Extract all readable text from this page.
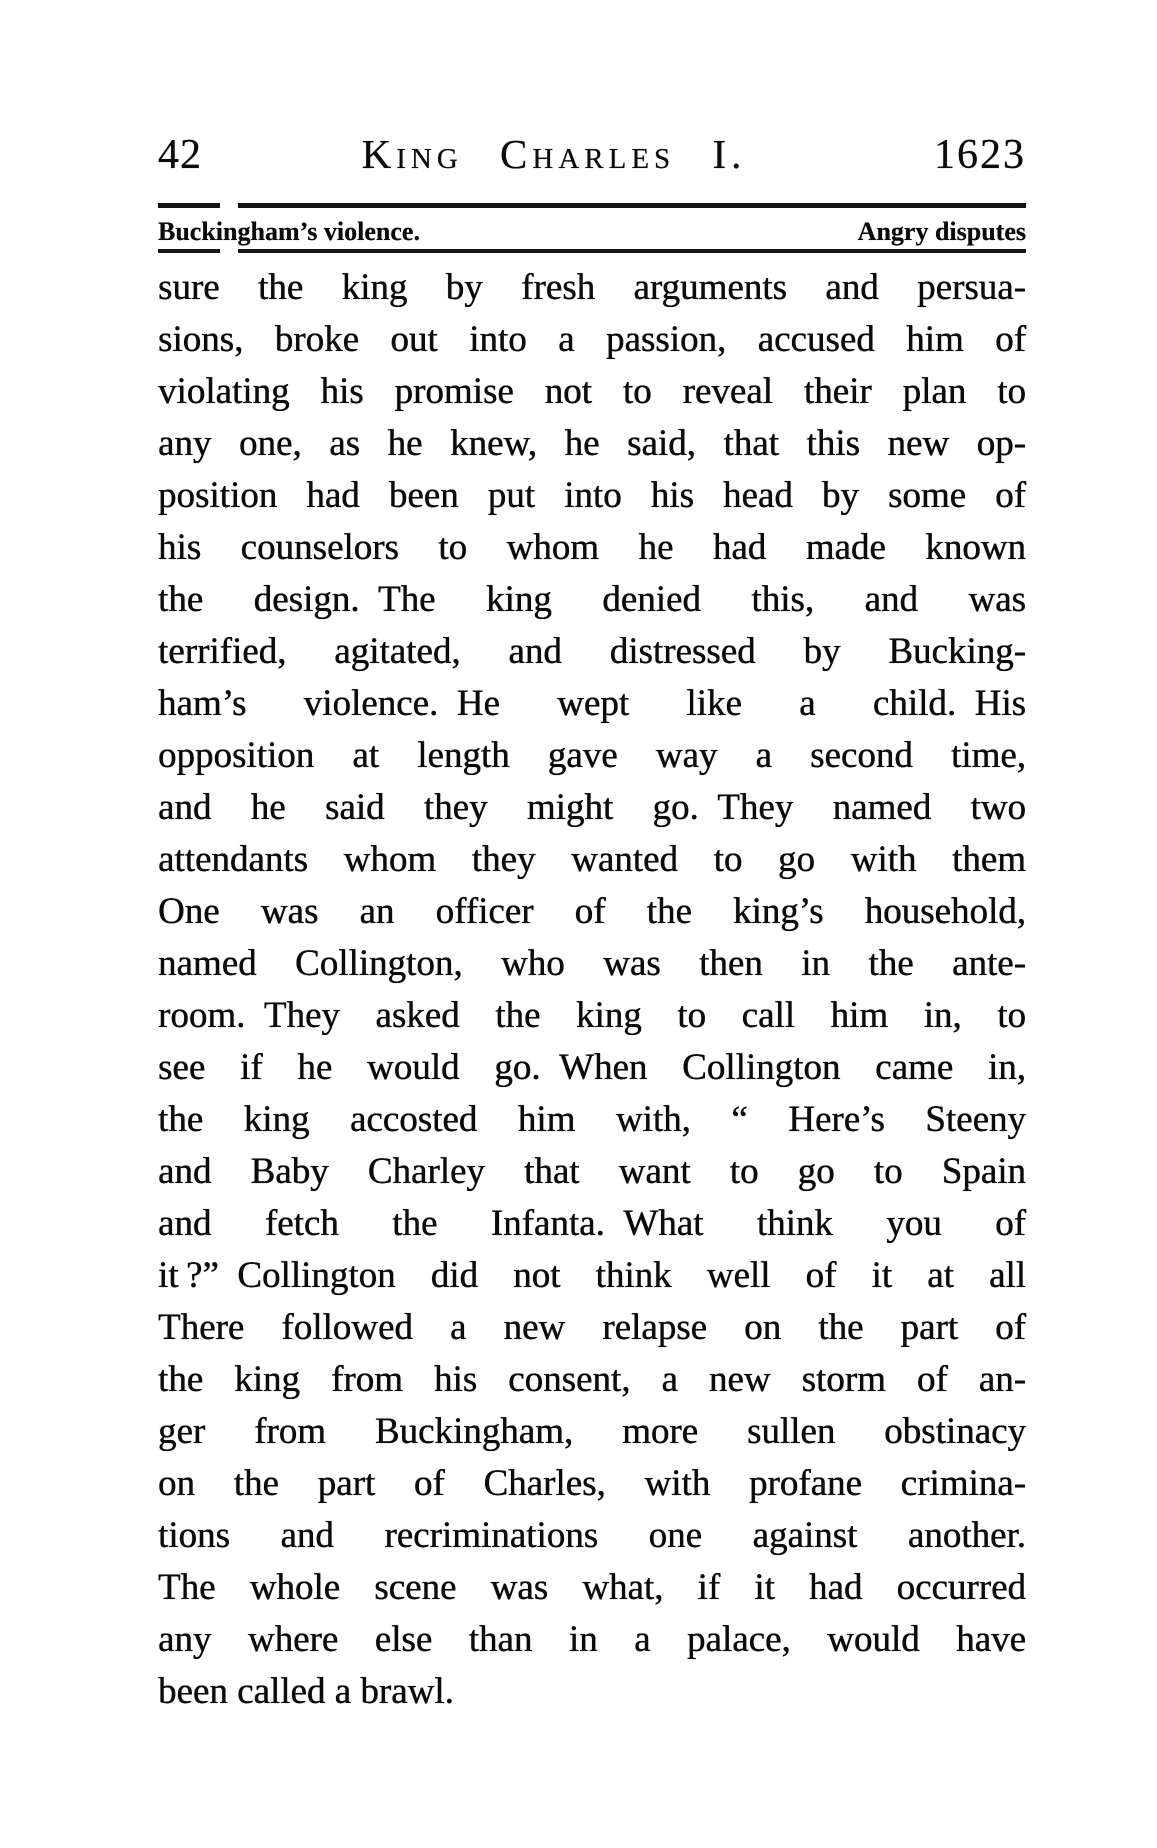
42	King Charles I.	1623
Buckingham’s violence.	Angry disputes
sure the king by fresh arguments and persua-
sions, broke out into a passion, accused him of
violating his promise not to reveal their plan to
any one, as he knew, he said, that this new op-
position had been put into his head by some of
his counselors to whom he had made known
the design. The king denied this, and was
terrified, agitated, and distressed by Bucking-
ham’s violence. He wept like a child. His
opposition at length gave way a second time,
and he said they might go. They named two
attendants whom they wanted to go with them
One was an officer of the king’s household,
named Collington, who was then in the ante-
room. They asked the king to call him in, to
see if he would go. When Collington came in,
the king accosted him with, “ Here’s Steeny
and Baby Charley that want to go to Spain
and fetch the Infanta. What think you of
it ?” Collington did not think well of it at all
There followed a new relapse on the part of
the king from his consent, a new storm of an-
ger from Buckingham, more sullen obstinacy
on the part of Charles, with profane crimina-
tions and recriminations one against another.
The whole scene was what, if it had occurred
any where else than in a palace, would have
been called a brawl.
